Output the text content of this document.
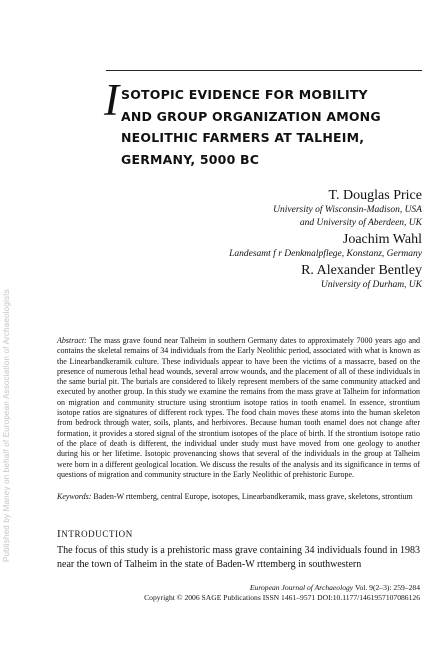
Published by Maney on behalf of European Association of Archaeologists
I SOTOPIC EVIDENCE FOR MOBILITY
AND GROUP ORGANIZATION AMONG
NEOLITHIC FARMERS AT TALHEIM,
GERMANY, 5000 BC
T. Douglas Price
University of Wisconsin-Madison, USA
and University of Aberdeen, UK
Joachim Wahl
Landesamt f r Denkmalpflege, Konstanz, Germany
R. Alexander Bentley
University of Durham, UK
Abstract: The mass grave found near Talheim in southern Germany dates to approximately 7000 years ago and contains the skeletal remains of 34 individuals from the Early Neolithic period, associated with what is known as the Linearbandkeramik culture. These individuals appear to have been the victims of a massacre, based on the presence of numerous lethal head wounds, several arrow wounds, and the placement of all of these individuals in the same burial pit. The burials are considered to likely represent members of the same community attacked and executed by another group. In this study we examine the remains from the mass grave at Talheim for information on migration and community structure using strontium isotope ratios in tooth enamel. In essence, strontium isotope ratios are signatures of different rock types. The food chain moves these atoms into the human skeleton from bedrock through water, soils, plants, and herbivores. Because human tooth enamel does not change after formation, it provides a stored signal of the strontium isotopes of the place of birth. If the strontium isotope ratio of the place of death is different, the individual under study must have moved from one geology to another during his or her lifetime. Isotopic provenancing shows that several of the individuals in the group at Talheim were born in a different geological location. We discuss the results of the analysis and its significance in terms of questions of migration and community structure in the Early Neolithic of prehistoric Europe.
Keywords: Baden-W rttemberg, central Europe, isotopes, Linearbandkeramik, mass grave, skeletons, strontium
INTRODUCTION
The focus of this study is a prehistoric mass grave containing 34 individuals found in 1983 near the town of Talheim in the state of Baden-W rttemberg in southwestern
European Journal of Archaeology Vol. 9(2–3): 259–284
Copyright © 2006 SAGE Publications ISSN 1461–9571 DOI:10.1177/1461957107086126
